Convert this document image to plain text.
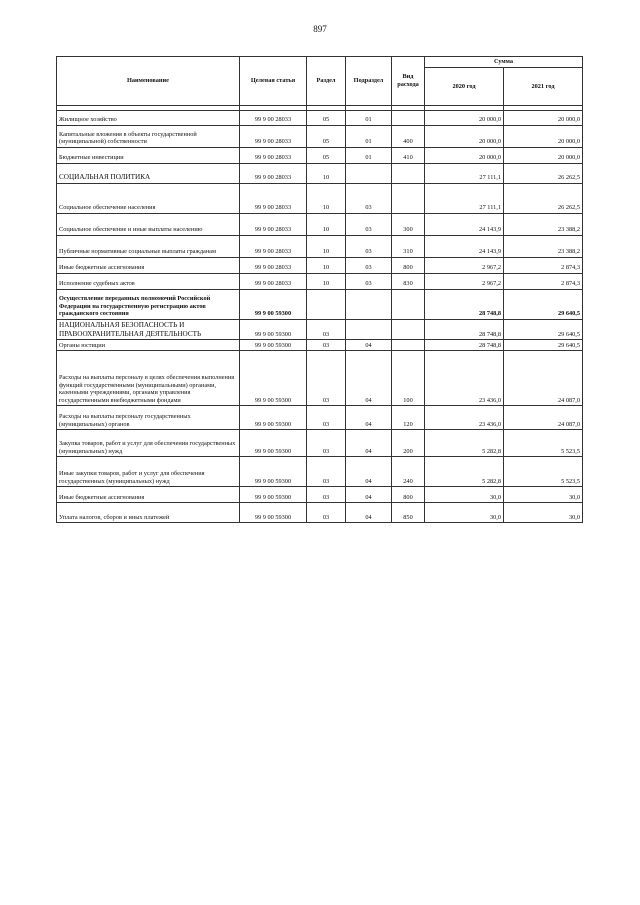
897
Наименование	Целевая статья	Раздел	Подраздел	Вид расхода	Сумма	
					2020 год	2021 год

Жилищное хозяйство	99 9 00 28033	05	01		20 000,0	20 000,0
Капитальные вложения в объекты государственной (муниципальной) собственности	99 9 00 28033	05	01	400	20 000,0	20 000,0
Бюджетные инвестиции	99 9 00 28033	05	01	410	20 000,0	20 000,0
СОЦИАЛЬНАЯ ПОЛИТИКА	99 9 00 28033	10			27 111,1	26 262,5
Социальное обеспечение населения	99 9 00 28033	10	03		27 111,1	26 262,5
Социальное обеспечение и иные выплаты населению	99 9 00 28033	10	03	300	24 143,9	23 388,2
Публичные нормативные социальные выплаты гражданам	99 9 00 28033	10	03	310	24 143,9	23 388,2
Иные бюджетные ассигнования	99 9 00 28033	10	03	800	2 967,2	2 874,3
Исполнение судебных актов	99 9 00 28033	10	03	830	2 967,2	2 874,3
Осуществление переданных полномочий Российской Федерации на государственную регистрацию актов гражданского состояния	99 9 00 59300				28 748,8	29 640,5
НАЦИОНАЛЬНАЯ БЕЗОПАСНОСТЬ И ПРАВООХРАНИТЕЛЬНАЯ ДЕЯТЕЛЬНОСТЬ	99 9 00 59300	03			28 748,8	29 640,5
Органы юстиции	99 9 00 59300	03	04		28 748,8	29 640,5
Расходы на выплаты персоналу в целях обеспечения выполнения функций государственными (муниципальными) органами, казенными учреждениями, органами управления государственными внебюджетными фондами	99 9 00 59300	03	04	100	23 436,0	24 087,0
Расходы на выплаты персоналу государственных (муниципальных) органов	99 9 00 59300	03	04	120	23 436,0	24 087,0
Закупка товаров, работ и услуг для обеспечения государственных (муниципальных) нужд	99 9 00 59300	03	04	200	5 282,8	5 523,5
Иные закупки товаров, работ и услуг для обеспечения государственных (муниципальных) нужд	99 9 00 59300	03	04	240	5 282,8	5 523,5
Иные бюджетные ассигнования	99 9 00 59300	03	04	800	30,0	30,0
Уплата налогов, сборов и иных платежей	99 9 00 59300	03	04	850	30,0	30,0
